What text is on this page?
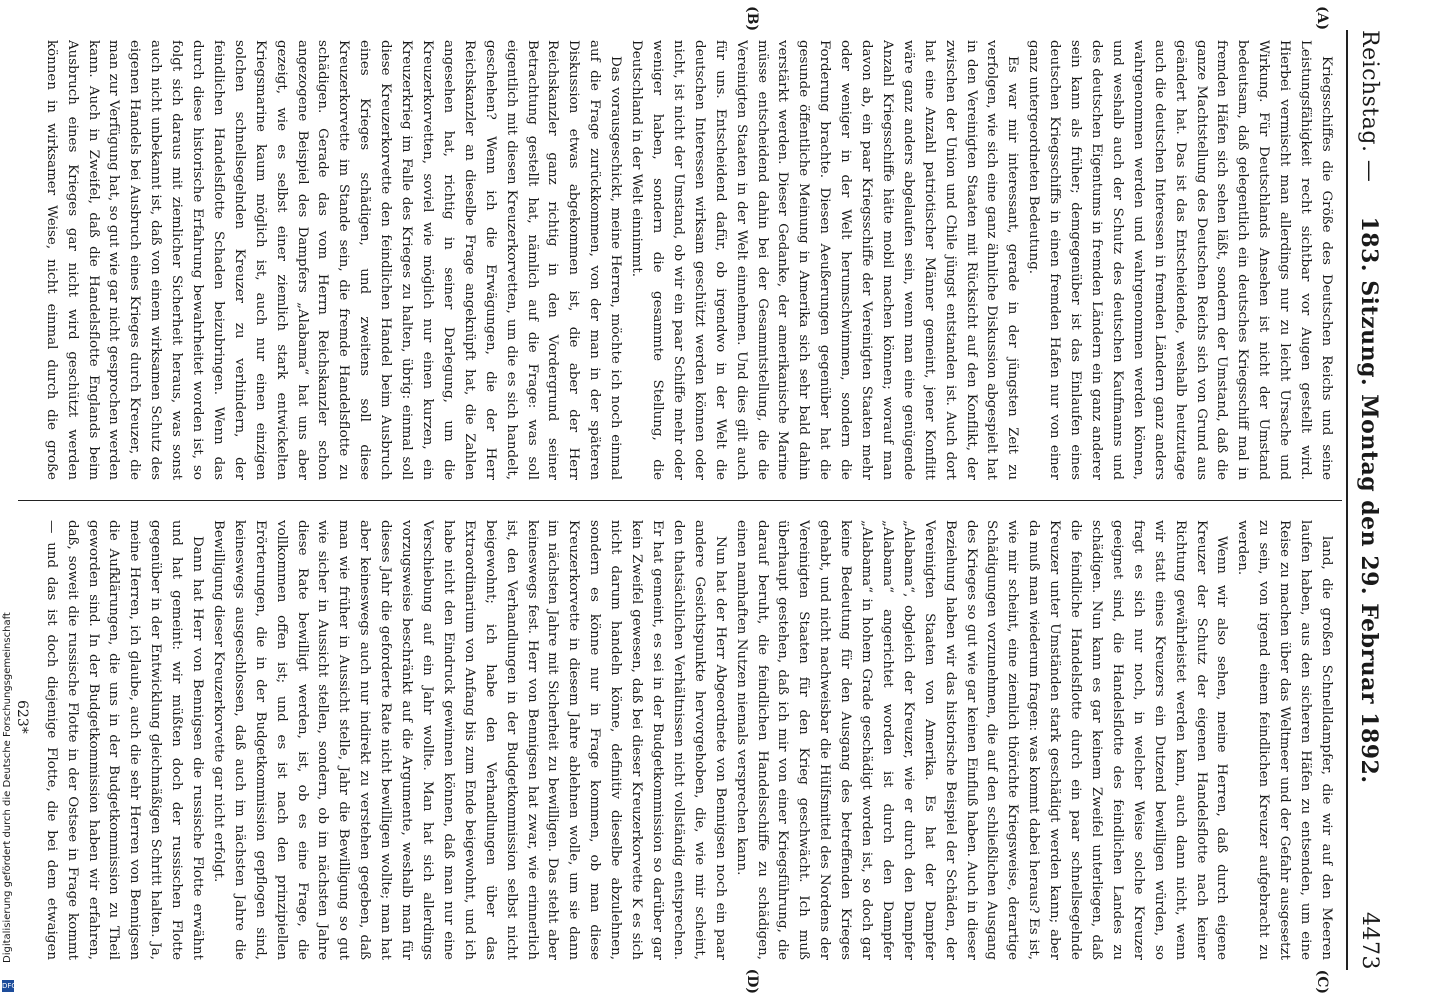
Reichstag. —
183. Sitzung. Montag den 29. Februar 1892.
4473
(A)
(B)
(C)
(D)

Kriegsschiffes die Größe des Deutschen Reichs und seine Leistungsfähigkeit recht sichtbar vor Augen gestellt wird. Hierbei vermischt man allerdings nur zu leicht Ursache und Wirkung. Für Deutschlands Ansehen ist nicht der Umstand bedeutsam, daß gelegentlich ein deutsches Kriegsschiff mal in fremden Häfen sich sehen läßt, sondern der Umstand, daß die ganze Machtstellung des Deutschen Reichs sich von Grund aus geändert hat. Das ist das Entscheidende, weshalb heutzutage auch die deutschen Interessen in fremden Ländern ganz anders wahrgenommen werden und wahrgenommen werden können, und weshalb auch der Schutz des deutschen Kaufmanns und des deutschen Eigentums in fremden Ländern ein ganz anderer sein kann als früher; demgegenüber ist das Einlaufen eines deutschen Kriegsschiffs in einen fremden Hafen nur von einer ganz untergeordneten Bedeutung.

Es war mir interessant, gerade in der jüngsten Zeit zu verfolgen, wie sich eine ganz ähnliche Diskussion abgespielt hat in den Vereinigten Staaten mit Rücksicht auf den Konflikt, der zwischen der Union und Chile jüngst entstanden ist. Auch dort hat eine Anzahl patriotischer Männer gemeint, jener Konflitt wäre ganz anders abgelaufen sein, wenn man eine genügende Anzahl Kriegsschiffe hätte mobil machen können; worauf man davon ab, ein paar Kriegsschiffe der Vereinigten Staaten mehr oder weniger in der Welt herumschwimmen, sondern die Forderung brachte. Diesen Aeußerungen gegenüber hat die gesunde öffentliche Meinung in Amerika sich sehr bald dahin verstärkt werden. Dieser Gedanke, der amerikanische Marine müsse entscheidend dahin bei der Gesammtstellung, die die Vereinigten Staaten in der Welt einnehmen. Und dies gilt auch für uns. Entscheidend dafür, ob irgendwo in der Welt die deutschen Interessen wirksam geschützt werden können oder nicht, ist nicht der Umstand, ob wir ein paar Schiffe mehr oder weniger haben, sondern die gesammte Stellung, die Deutschland in der Welt einnimmt.

Das vorausgeschickt, meine Herren, möchte ich noch einmal auf die Frage zurückkommen, von der man in der späteren Diskussion etwas abgekommen ist, die aber der Herr Reichskanzler ganz richtig in den Vordergrund seiner Betrachtung gestellt hat, nämlich auf die Frage: was soll eigentlich mit diesen Kreuzerkorvetten, um die es sich handelt, geschehen? Wenn ich die Erwägungen, die der Herr Reichskanzler an dieselbe Frage angeknüpft hat, die Zahlen angesehen hat, richtig in seiner Darlegung, um die Kreuzerkorvetten, soviel wie möglich nur einen kurzen, ein Kreuzerkrieg im Falle des Krieges zu halten, übrig: einmal soll diese Kreuzerkorvette den feindlichen Handel beim Ausbruch eines Krieges schädigen, und zweitens soll diese Kreuzerkorvette im Stande sein, die fremde Handelsflotte zu schädigen. Gerade das vom Herrn Reichskanzler schon angezogene Beispiel des Dampfers „Alabama“ hat uns aber gezeigt, wie es selbst einer ziemlich stark entwickelten Kriegsmarine kaum möglich ist, auch nur einen einzigen solchen schnellsegelnden Kreuzer zu verhindern, der feindlichen Handelsflotte Schaden beizubringen. Wenn das durch diese historische Erfahrung bewahrheitet worden ist, so folgt sich daraus mit ziemlicher Sicherheit heraus, was sonst auch nicht unbekannt ist, daß von einem wirksamen Schutz des eigenen Handels bei Ausbruch eines Krieges durch Kreuzer, die man zur Verfügung hat, so gut wie gar nicht gesprochen werden kann. Auch in Zweifel, daß die Handelsflotte Englands beim Ausbruch eines Krieges gar nicht wird geschützt werden können in wirksamer Weise, nicht einmal durch die große

land, die großen Schnelldampfer, die wir auf den Meeren laufen haben, aus den sicheren Häfen zu entsenden, um eine Reise zu machen über das Weltmeer und der Gefahr ausgesetzt zu sein, von irgend einem feindlichen Kreuzer aufgebracht zu werden.

Wenn wir also sehen, meine Herren, daß durch eigene Kreuzer der Schutz der eigenen Handelsflotte nach keiner Richtung gewährleistet werden kann, auch dann nicht, wenn wir statt eines Kreuzers ein Dutzend bewilligen würden, so fragt es sich nur noch, in welcher Weise solche Kreuzer geeignet sind, die Handelsflotte des feindlichen Landes zu schädigen. Nun kann es gar keinem Zweifel unterliegen, daß die feindliche Handelsflotte durch ein paar schnellsegelnde Kreuzer unter Umständen stark geschädigt werden kann; aber da muß man wiederum fragen: was kommt dabei heraus? Es ist, wie mir scheint, eine ziemlich thörichte Kriegsweise, derartige Schädigungen vorzunehmen, die auf den schließlichen Ausgang des Krieges so gut wie gar keinen Einfluß haben. Auch in dieser Beziehung haben wir das historische Beispiel der Schäden, der Vereinigten Staaten von Amerika. Es hat der Dampfer „Alabama“, obgleich der Kreuzer, wie er durch den Dampfer „Alabama“ angerichtet worden ist durch den Dampfer „Alabama“ in hohem Grade geschädigt worden ist, so doch gar keine Bedeutung für den Ausgang des betreffenden Krieges gehabt, und nicht nachweisbar die Hülfsmittel des Nordens der Vereinigten Staaten für den Krieg geschwächt. Ich muß überhaupt gestehen, daß ich mir von einer Kriegsführung, die darauf beruht, die feindlichen Handelsschiffe zu schädigen, einen namhaften Nutzen niemals versprechen kann.

Nun hat der Herr Abgeordnete von Bennigsen noch ein paar andere Gesichtspunkte hervorgehoben, die, wie mir scheint, den thatsächlichen Verhältnissen nicht vollständig entsprechen. Er hat gemeint, es sei in der Budgetkommission so darüber gar kein Zweifel gewesen, daß bei dieser Kreuzerkorvette K es sich nicht darum handeln könne, definitiv dieselbe abzulehnen, sondern es könne nur in Frage kommen, ob man diese Kreuzerkorvette in diesem Jahre ablehnen wolle, um sie dann im nächsten Jahre mit Sicherheit zu bewilligen. Das steht aber keineswegs fest. Herr von Bennigsen hat zwar, wie erinnerlich ist, den Verhandlungen in der Budgetkommission selbst nicht beigewohnt; ich habe den Verhandlungen über das Extraordinarium von Anfang bis zum Ende beigewohnt, und ich habe nicht den Eindruck gewinnen können, daß man nur eine Verschiebung auf ein Jahr wollte. Man hat sich allerdings vorzugsweise beschränkt auf die Argumente, weshalb man für dieses Jahr die geforderte Rate nicht bewilligen wollte; man hat aber keineswegs auch nur indirekt zu verstehen gegeben, daß man wie früher in Aussicht stelle, Jahr die Bewilligung so gut wie sicher in Aussicht stellen, sondern, ob im nächsten Jahre diese Rate bewilligt werden, ist, ob es eine Frage, die vollkommen offen ist; und es ist nach den prinzipiellen Erörterungen, die in der Budgetkommission gepflogen sind, keineswegs ausgeschlossen, daß auch im nächsten Jahre die Bewilligung dieser Kreuzerkorvette gar nicht erfolgt.

Dann hat Herr von Bennigsen die russische Flotte erwähnt und hat gemeint: wir müßten doch der russischen Flotte gegenüber in der Entwicklung gleichmäßigen Schritt halten. Ja, meine Herren, ich glaube, auch die sehr Herren von Bennigsen die Aufklärungen, die uns in der Budgetkommission zu Theil geworden sind. In der Budgetkommission haben wir erfahren, daß, soweit die russische Flotte in der Ostsee in Frage kommt — und das ist doch diejenige Flotte, die bei dem etwaigen

623*
Digitalisierung gefördert durch die Deutsche Forschungsgemeinschaft
DFG
